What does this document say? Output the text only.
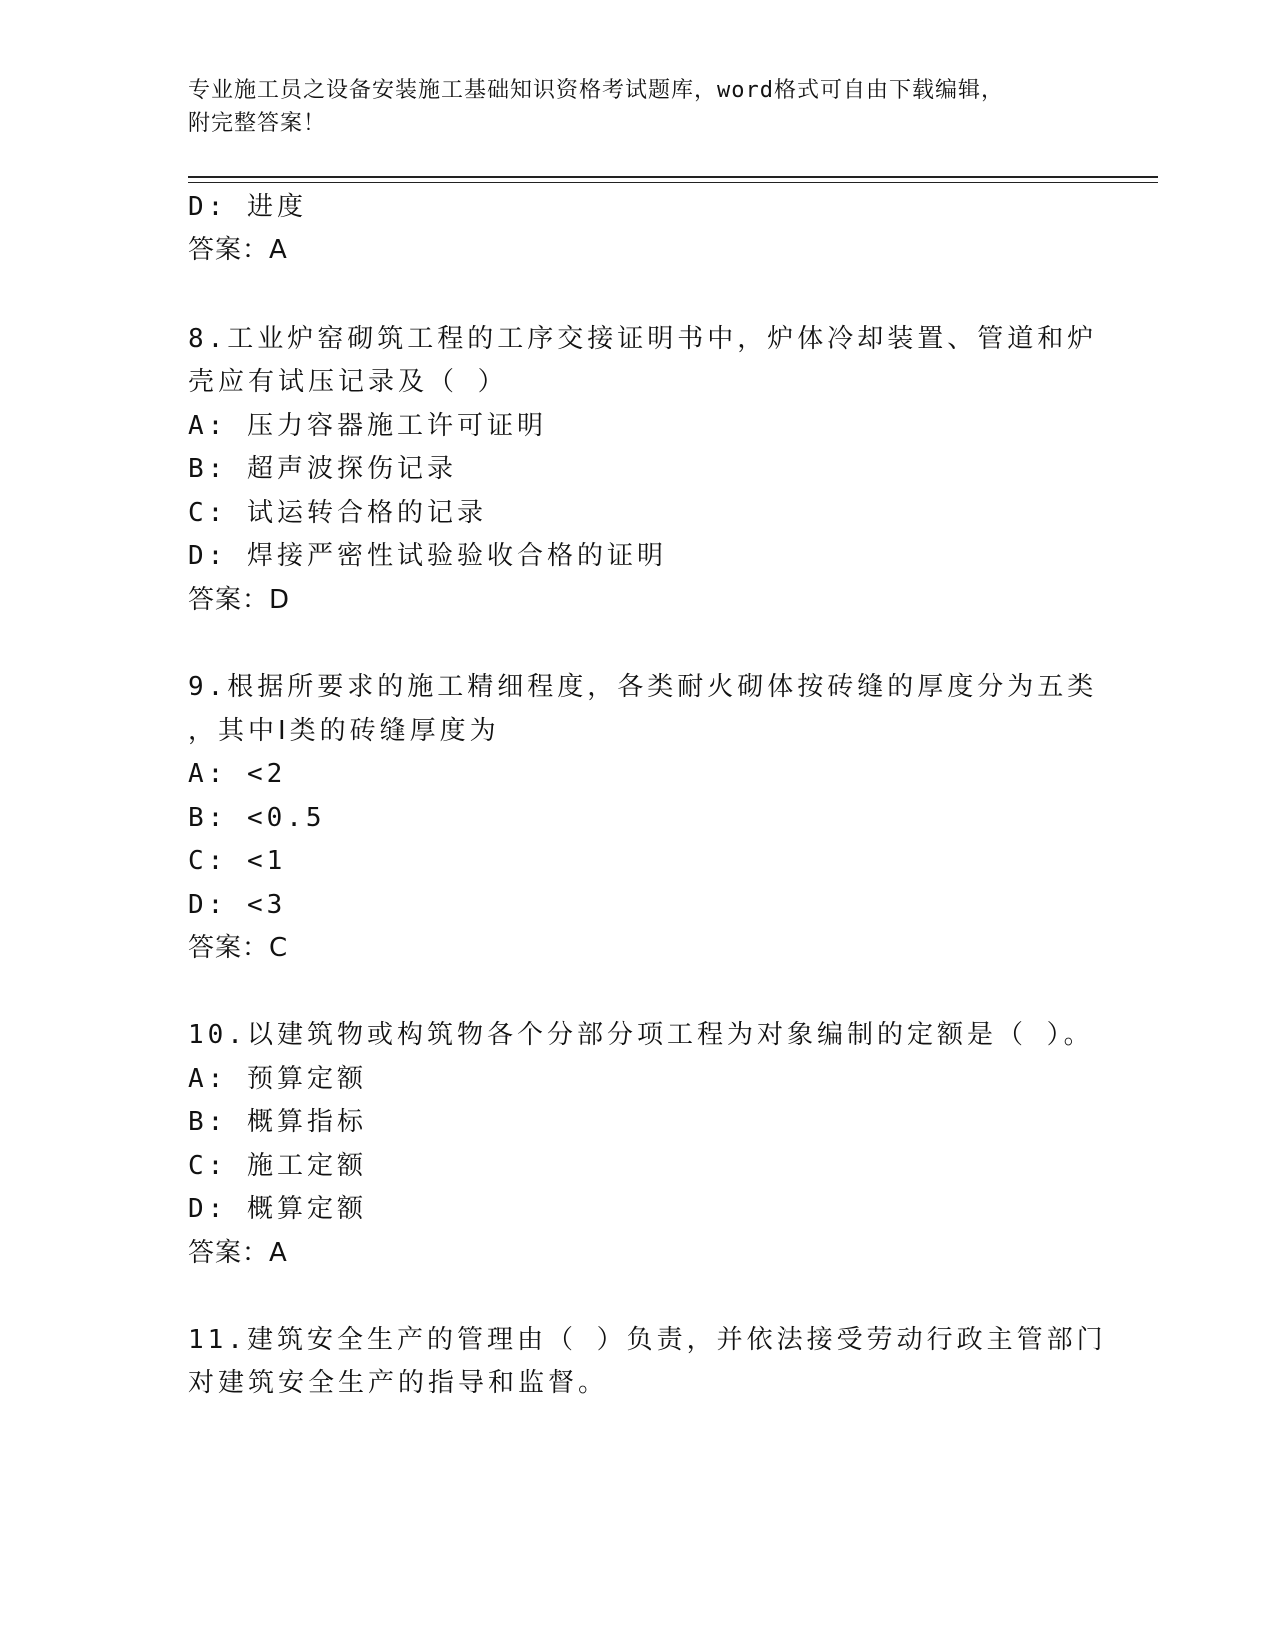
专业施工员之设备安装施工基础知识资格考试题库，word格式可自由下载编辑，
附完整答案！
D: 进度
答案：A
8.工业炉窑砌筑工程的工序交接证明书中，炉体冷却装置、管道和炉
壳应有试压记录及（ ）
A: 压力容器施工许可证明
B: 超声波探伤记录
C: 试运转合格的记录
D: 焊接严密性试验验收合格的证明
答案：D
9.根据所要求的施工精细程度，各类耐火砌体按砖缝的厚度分为五类
，其中Ⅰ类的砖缝厚度为
A: <2
B: <0.5
C: <1
D: <3
答案：C
10.以建筑物或构筑物各个分部分项工程为对象编制的定额是（ ）。
A: 预算定额
B: 概算指标
C: 施工定额
D: 概算定额
答案：A
11.建筑安全生产的管理由（ ）负责，并依法接受劳动行政主管部门
对建筑安全生产的指导和监督。
